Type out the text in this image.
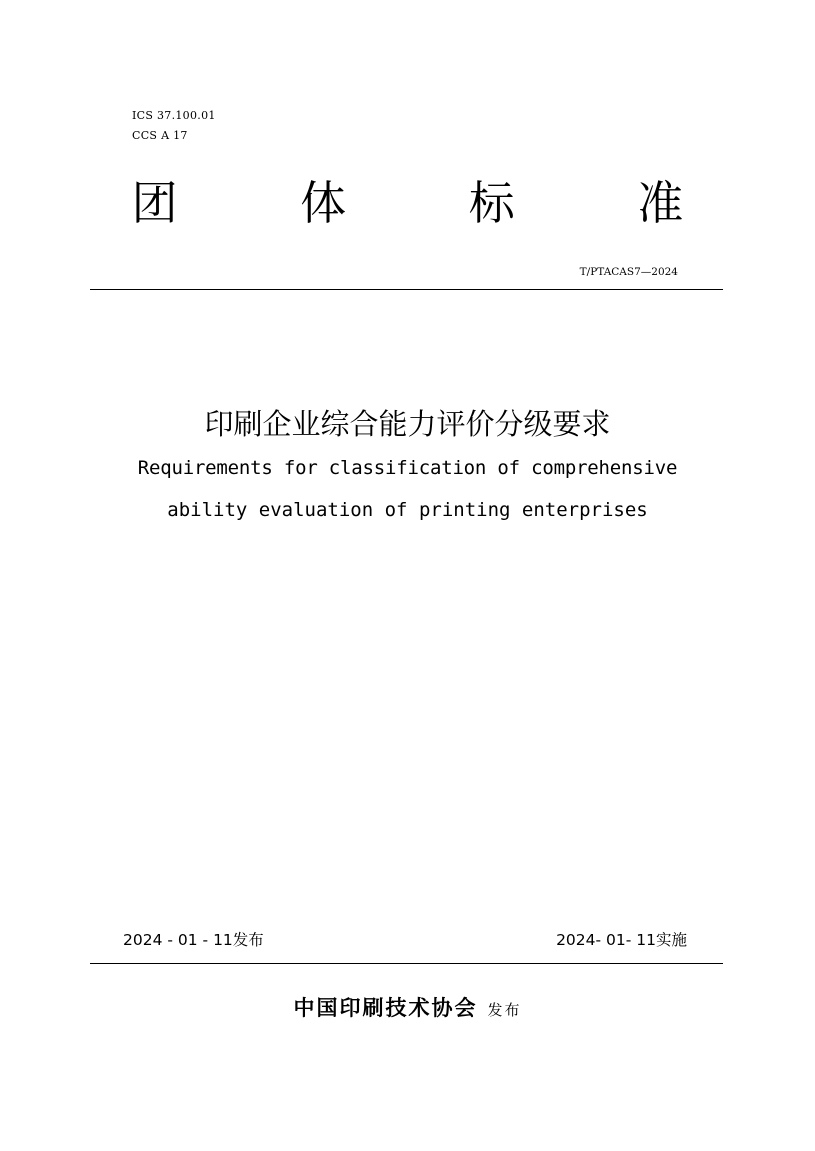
ICS 37.100.01
CCS A 17
团 体 标 准
T/PTACAS7—2024
印刷企业综合能力评价分级要求
Requirements for classification of comprehensive
ability evaluation of printing enterprises
2024 - 01 - 11发布	2024- 01- 11实施
中国印刷技术协会 发布
